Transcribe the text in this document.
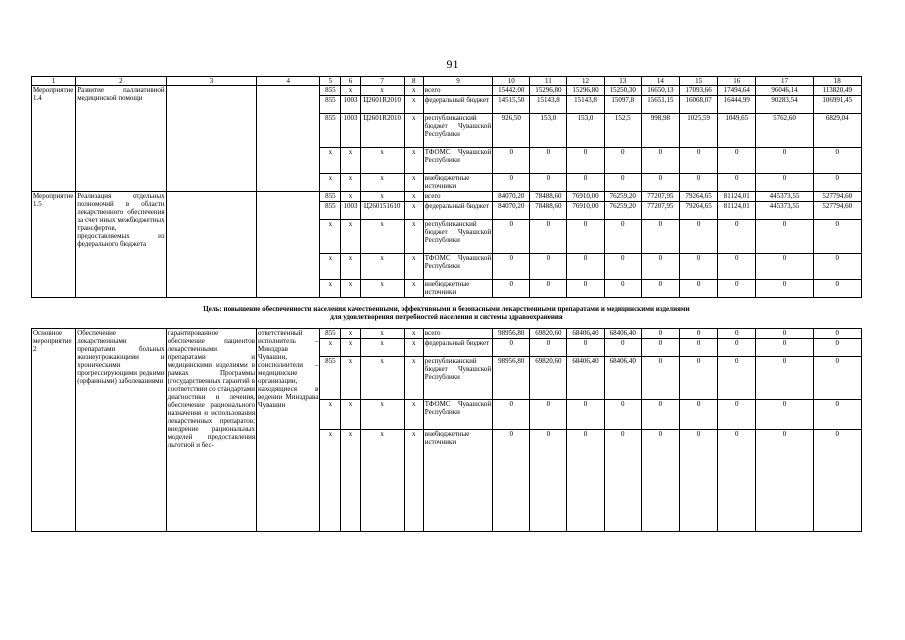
91
1	2	3	4	5	6	7	8	9	10	11	12	13	14	15	16	17	18
Мероприятие 1.4	Развитие паллиативной медицинской помощи			855	x	x	x	всего	15442,00	15296,80	15296,80	15250,30	16650,13	17093,66	17494,64	96046,14	113820,49
				855	1003	Ц2601R2010	x	федеральный бюджет	14515,50	15143,8	15143,8	15097,8	15651,15	16068,07	16444,99	90283,54	106991,45
				855	1003	Ц2601R2010	x	республиканский бюджет Чувашской Республики	926,50	153,0	153,0	152,5	998,98	1025,59	1049,65	5762,60	6829,04
				x	x	x	x	ТФОМС Чувашской Республики	0	0	0	0	0	0	0	0	0
				x	x	x	x	внебюджетные источники	0	0	0	0	0	0	0	0	0
Мероприятие 1.5	Реализация отдельных полномочий в области лекарственного обеспечения за счет иных межбюджетных трансфертов, предоставляемых из федерального бюджета			855	x	x	x	всего	84070,20	78488,60	76910,00	76259,20	77207,95	79264,65	81124,01	445373,55	527794,60
				855	1003	Ц260151610	x	федеральный бюджет	84070,20	78488,60	76910,00	76259,20	77207,95	79264,65	81124,01	445373,55	527794,60
				x	x	x	x	республиканский бюджет Чувашской Республики	0	0	0	0	0	0	0	0	0
				x	x	x	x	ТФОМС Чувашской Республики	0	0	0	0	0	0	0	0	0
				x	x	x	x	внебюджетные источники	0	0	0	0	0	0	0	0	0

Цель: повышение обеспеченности населения качественными, эффективными и безопасными лекарственными препаратами и медицинскими изделиями
для удовлетворения потребностей населения и системы здравоохранения																	

Основное мероприятие 2	Обеспечение лекарственными препаратами больных жизнеугрожающими и хроническими прогрессирующими редкими (орфанными) заболеваниями	гарантированное обеспечение пациентов лекарственными препаратами и медицинскими изделиями в рамках Программы (государственных гарантий в соответствии со стандартами диагностики и лечения, обеспечение рационального назначения и использования лекарственных препаратов; внедрение рациональных моделей предоставления льготной и бес-	ответственный исполнитель – Минздрав Чувашии, соисполнители – медицинские организации, находящиеся в ведении Минздрава Чувашии	855	x	x	x	всего	98956,80	69820,60	68406,40	68406,40	0	0	0	0	0
				x	x	x	x	федеральный бюджет	0	0	0	0	0	0	0	0	0
				855	x	x	x	республиканский бюджет Чувашской Республики	98956,80	69820,60	68406,40	68406,40	0	0	0	0	0
				x	x	x	x	ТФОМС Чувашской Республики	0	0	0	0	0	0	0	0	0
				x	x	x	x	внебюджетные источники	0	0	0	0	0	0	0	0	0
